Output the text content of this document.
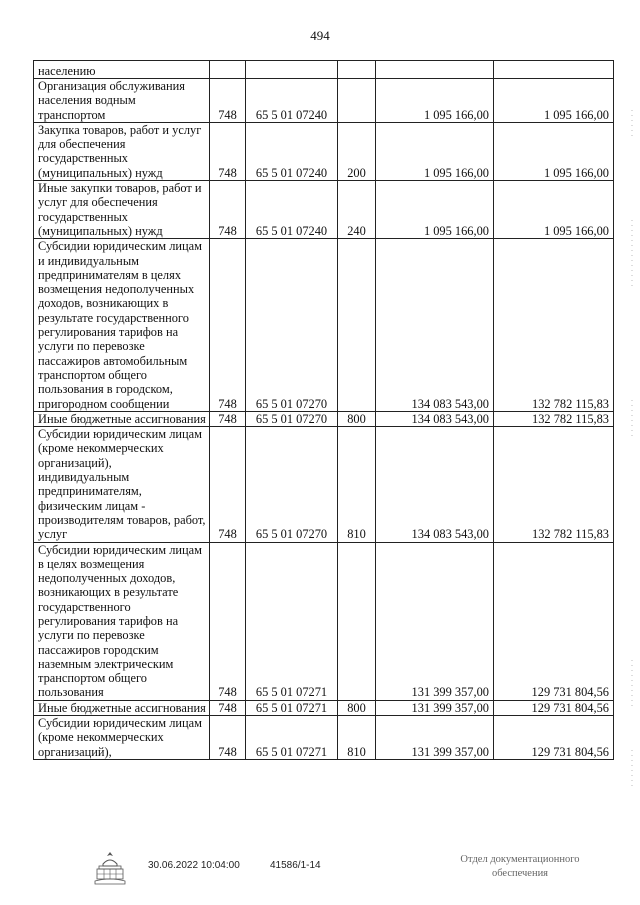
494
населению					
Организация обслуживания населения водным транспортом	748	65 5 01 07240		1 095 166,00	1 095 166,00
Закупка товаров, работ и услуг для обеспечения государственных (муниципальных) нужд	748	65 5 01 07240	200	1 095 166,00	1 095 166,00
Иные закупки товаров, работ и услуг для обеспечения государственных (муниципальных) нужд	748	65 5 01 07240	240	1 095 166,00	1 095 166,00
Субсидии юридическим лицам и индивидуальным предпринимателям в целях возмещения недополученных доходов, возникающих в результате государственного регулирования тарифов на услуги по перевозке пассажиров автомобильным транспортом общего пользования в городском, пригородном сообщении	748	65 5 01 07270		134 083 543,00	132 782 115,83
Иные бюджетные ассигнования	748	65 5 01 07270	800	134 083 543,00	132 782 115,83
Субсидии юридическим лицам (кроме некоммерческих организаций), индивидуальным предпринимателям, физическим лицам - производителям товаров, работ, услуг	748	65 5 01 07270	810	134 083 543,00	132 782 115,83
Субсидии юридическим лицам в целях возмещения недополученных доходов, возникающих в результате государственного регулирования тарифов на услуги по перевозке пассажиров городским наземным электрическим транспортом общего пользования	748	65 5 01 07271		131 399 357,00	129 731 804,56
Иные бюджетные ассигнования	748	65 5 01 07271	800	131 399 357,00	129 731 804,56
Субсидии юридическим лицам (кроме некоммерческих организаций),	748	65 5 01 07271	810	131 399 357,00	129 731 804,56
30.06.2022 10:04:00	41586/1-14
Отдел документационного обеспечения
